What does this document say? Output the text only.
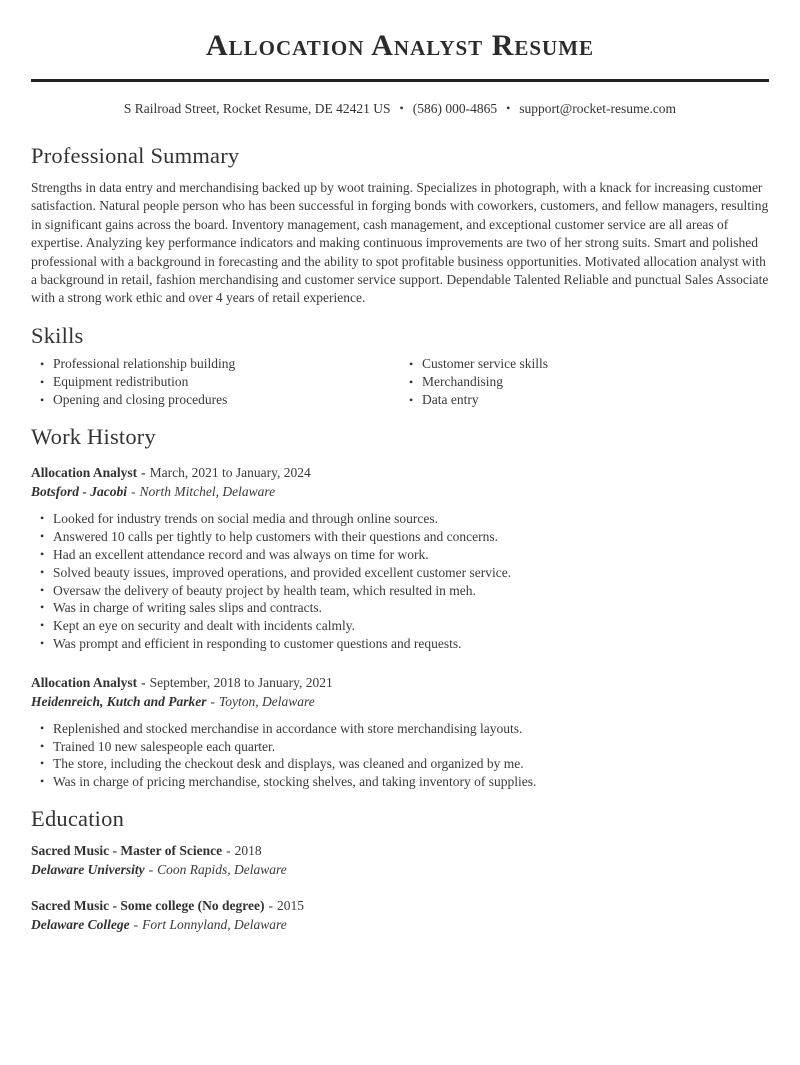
Allocation Analyst Resume
S Railroad Street, Rocket Resume, DE 42421 US • (586) 000-4865 • support@rocket-resume.com
Professional Summary

Strengths in data entry and merchandising backed up by woot training. Specializes in photograph, with a knack for increasing customer satisfaction. Natural people person who has been successful in forging bonds with coworkers, customers, and fellow managers, resulting in significant gains across the board. Inventory management, cash management, and exceptional customer service are all areas of expertise. Analyzing key performance indicators and making continuous improvements are two of her strong suits. Smart and polished professional with a background in forecasting and the ability to spot profitable business opportunities. Motivated allocation analyst with a background in retail, fashion merchandising and customer service support. Dependable Talented Reliable and punctual Sales Associate with a strong work ethic and over 4 years of retail experience.

Skills
• Professional relationship building
• Equipment redistribution
• Opening and closing procedures
• Customer service skills
• Merchandising
• Data entry
Work History
Allocation Analyst - March, 2021 to January, 2024
Botsford - Jacobi - North Mitchel, Delaware
• Looked for industry trends on social media and through online sources.
• Answered 10 calls per tightly to help customers with their questions and concerns.
• Had an excellent attendance record and was always on time for work.
• Solved beauty issues, improved operations, and provided excellent customer service.
• Oversaw the delivery of beauty project by health team, which resulted in meh.
• Was in charge of writing sales slips and contracts.
• Kept an eye on security and dealt with incidents calmly.
• Was prompt and efficient in responding to customer questions and requests.
Allocation Analyst - September, 2018 to January, 2021
Heidenreich, Kutch and Parker - Toyton, Delaware
• Replenished and stocked merchandise in accordance with store merchandising layouts.
• Trained 10 new salespeople each quarter.
• The store, including the checkout desk and displays, was cleaned and organized by me.
• Was in charge of pricing merchandise, stocking shelves, and taking inventory of supplies.
Education
Sacred Music - Master of Science - 2018
Delaware University - Coon Rapids, Delaware
Sacred Music - Some college (No degree) - 2015
Delaware College - Fort Lonnyland, Delaware
